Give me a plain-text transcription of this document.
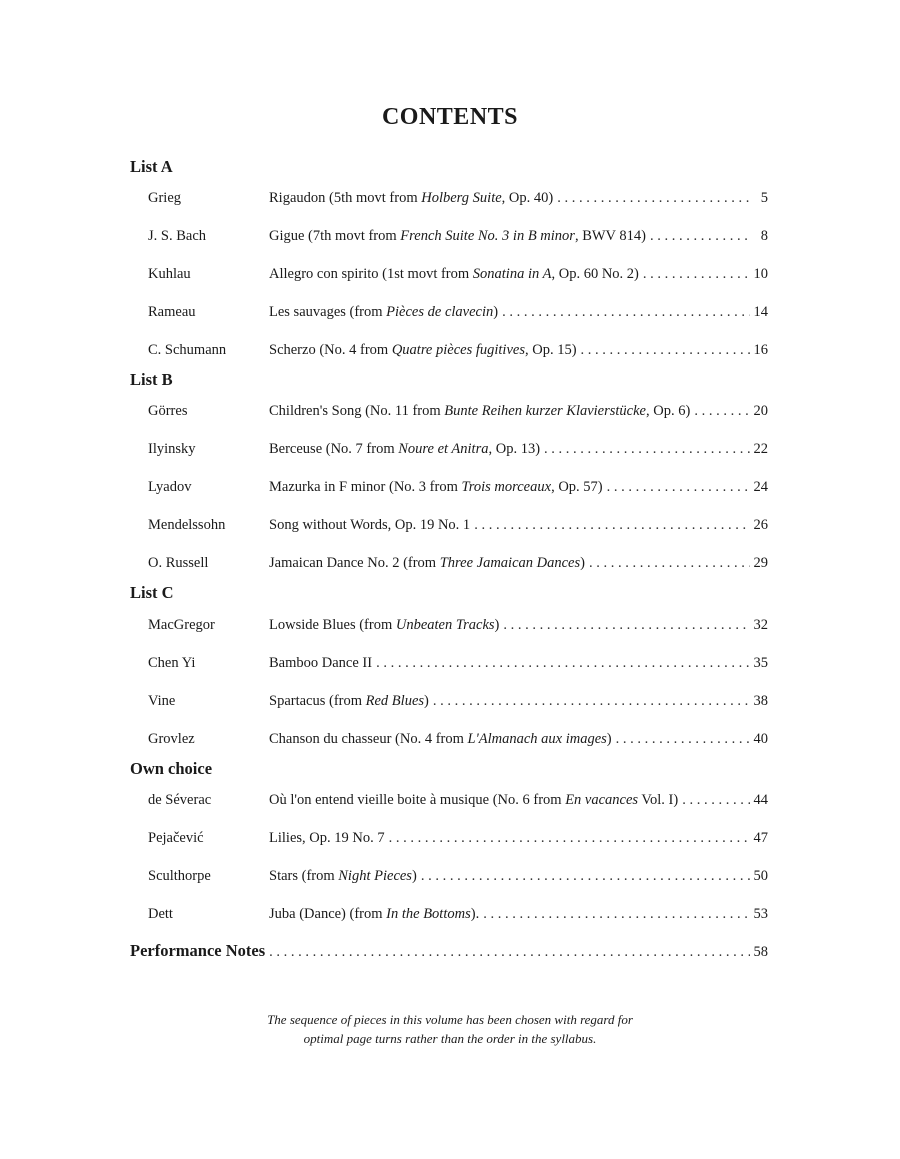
CONTENTS
List A
Grieg	Rigaudon (5th movt from Holberg Suite, Op. 40) . . .	5
J. S. Bach	Gigue (7th movt from French Suite No. 3 in B minor, BWV 814) . . .	8
Kuhlau	Allegro con spirito (1st movt from Sonatina in A, Op. 60 No. 2) . . .	10
Rameau	Les sauvages (from Pièces de clavecin) . . .	14
C. Schumann	Scherzo (No. 4 from Quatre pièces fugitives, Op. 15) . . .	16
List B
Görres	Children's Song (No. 11 from Bunte Reihen kurzer Klavierstücke, Op. 6) . . .	20
Ilyinsky	Berceuse (No. 7 from Noure et Anitra, Op. 13) . . .	22
Lyadov	Mazurka in F minor (No. 3 from Trois morceaux, Op. 57) . . .	24
Mendelssohn	Song without Words, Op. 19 No. 1 . . .	26
O. Russell	Jamaican Dance No. 2 (from Three Jamaican Dances) . . .	29
List C
MacGregor	Lowside Blues (from Unbeaten Tracks) . . .	32
Chen Yi	Bamboo Dance II . . .	35
Vine	Spartacus (from Red Blues) . . .	38
Grovlez	Chanson du chasseur (No. 4 from L'Almanach aux images) . . .	40
Own choice
de Séverac	Où l'on entend vieille boite à musique (No. 6 from En vacances Vol. I) . . .	44
Pejačević	Lilies, Op. 19 No. 7 . . .	47
Sculthorpe	Stars (from Night Pieces) . . .	50
Dett	Juba (Dance) (from In the Bottoms). . . .	53
Performance Notes . . .	58
The sequence of pieces in this volume has been chosen with regard for
optimal page turns rather than the order in the syllabus.
